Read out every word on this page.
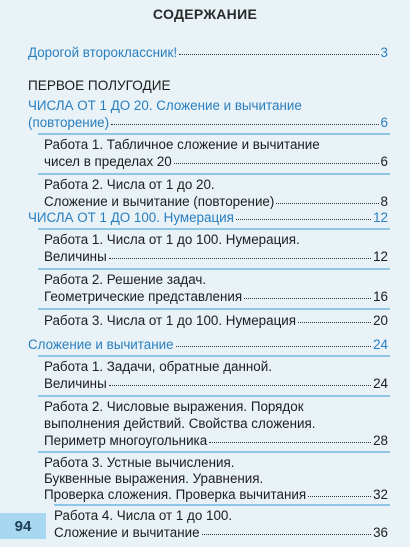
СОДЕРЖАНИЕ
Дорогой второклассник!	3
ПЕРВОЕ ПОЛУГОДИЕ
ЧИСЛА ОТ 1 ДО 20. Сложение и вычитание
(повторение)	6
Работа 1. Табличное сложение и вычитание
чисел в пределах 20	6
Работа 2. Числа от 1 до 20.
Сложение и вычитание (повторение)	8
ЧИСЛА ОТ 1 ДО 100. Нумерация	12
Работа 1. Числа от 1 до 100. Нумерация.
Величины	12
Работа 2. Решение задач.
Геометрические представления	16
Работа 3. Числа от 1 до 100. Нумерация	20
Сложение и вычитание	24
Работа 1. Задачи, обратные данной.
Величины	24
Работа 2. Числовые выражения. Порядок
выполнения действий. Свойства сложения.
Периметр многоугольника	28
Работа 3. Устные вычисления.
Буквенные выражения. Уравнения.
Проверка сложения. Проверка вычитания	32
Работа 4. Числа от 1 до 100.
Сложение и вычитание	36
94
